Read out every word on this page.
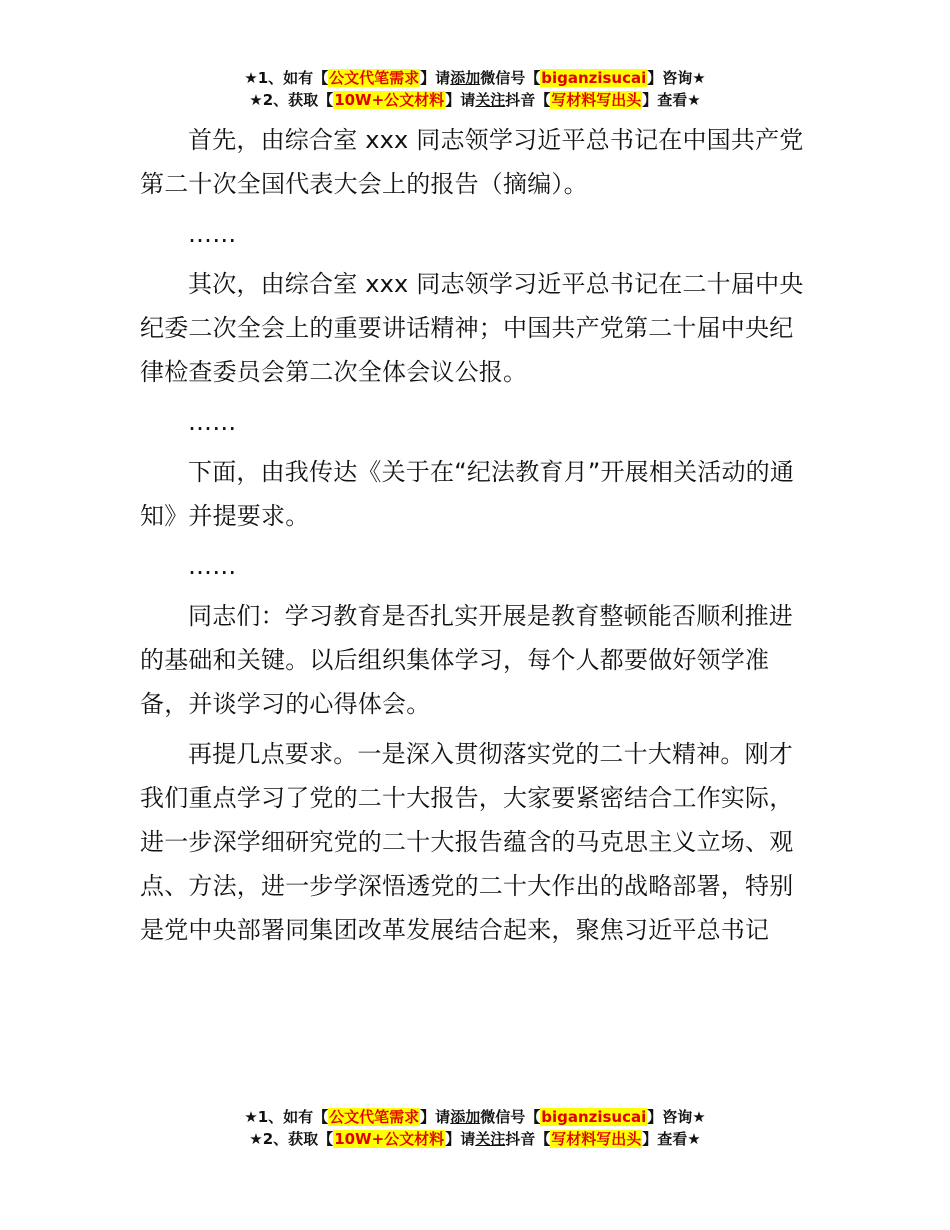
★1、如有【公文代笔需求】请添加微信号【biganzisucai】咨询★
★2、获取【10W+公文材料】请关注抖音【写材料写出头】查看★

首先，由综合室 xxx 同志领学习近平总书记在中国共产党第二十次全国代表大会上的报告（摘编）。

……

其次，由综合室 xxx 同志领学习近平总书记在二十届中央纪委二次全会上的重要讲话精神；中国共产党第二十届中央纪律检查委员会第二次全体会议公报。

……

下面，由我传达《关于在“纪法教育月”开展相关活动的通知》并提要求。

……

同志们：学习教育是否扎实开展是教育整顿能否顺利推进的基础和关键。以后组织集体学习，每个人都要做好领学准备，并谈学习的心得体会。

再提几点要求。一是深入贯彻落实党的二十大精神。刚才我们重点学习了党的二十大报告，大家要紧密结合工作实际，进一步深学细研究党的二十大报告蕴含的马克思主义立场、观点、方法，进一步学深悟透党的二十大作出的战略部署，特别是党中央部署同集团改革发展结合起来，聚焦习近平总书记

★1、如有【公文代笔需求】请添加微信号【biganzisucai】咨询★
★2、获取【10W+公文材料】请关注抖音【写材料写出头】查看★
